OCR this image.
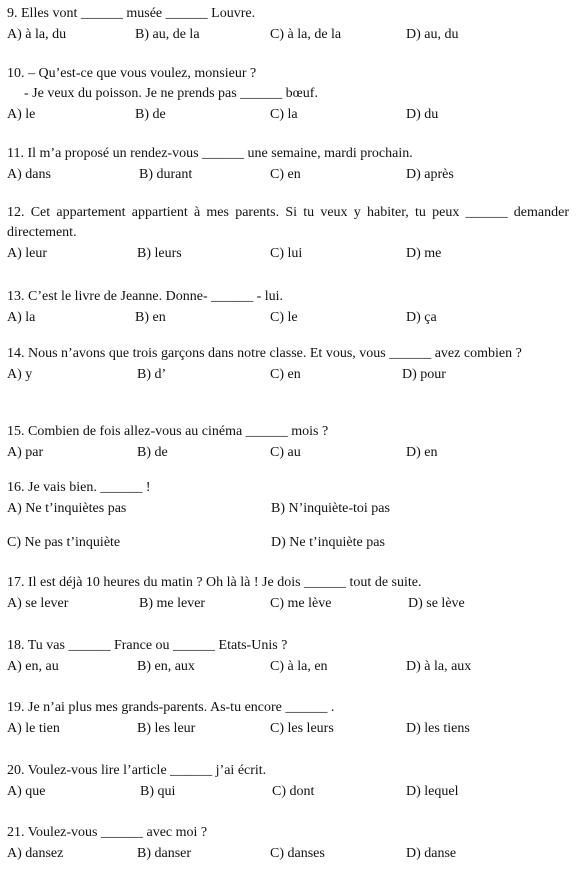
9. Elles vont ______ musée ______ Louvre.
A) à la, du	B) au, de la	C) à la, de la	D) au, du
10. – Qu’est-ce que vous voulez, monsieur ?
- Je veux du poisson. Je ne prends pas ______ bœuf.
A) le	B) de	C) la	D) du
11. Il m’a proposé un rendez-vous ______ une semaine, mardi prochain.
A) dans	B) durant	C) en	D) après
12. Cet appartement appartient à mes parents. Si tu veux y habiter, tu peux ______ demander directement.
A) leur	B) leurs	C) lui	D) me
13. C’est le livre de Jeanne. Donne- ______ - lui.
A) la	B) en	C) le	D) ça
14. Nous n’avons que trois garçons dans notre classe. Et vous, vous ______ avez combien ?
A) y	B) d’	C) en	D) pour
15. Combien de fois allez-vous au cinéma ______ mois ?
A) par	B) de	C) au	D) en
16. Je vais bien. ______ !
A) Ne t’inquiètes pas	B) N’inquiète-toi pas
C) Ne pas t’inquiète	D) Ne t’inquiète pas
17. Il est déjà 10 heures du matin ? Oh là là ! Je dois ______ tout de suite.
A) se lever	B) me lever	C) me lève	D) se lève
18. Tu vas ______ France ou ______ Etats-Unis ?
A) en, au	B) en, aux	C) à la, en	D) à la, aux
19. Je n’ai plus mes grands-parents. As-tu encore ______ .
A) le tien	B) les leur	C) les leurs	D) les tiens
20. Voulez-vous lire l’article ______ j’ai écrit.
A) que	B) qui	C) dont	D) lequel
21. Voulez-vous ______ avec moi ?
A) dansez	B) danser	C) danses	D) danse
